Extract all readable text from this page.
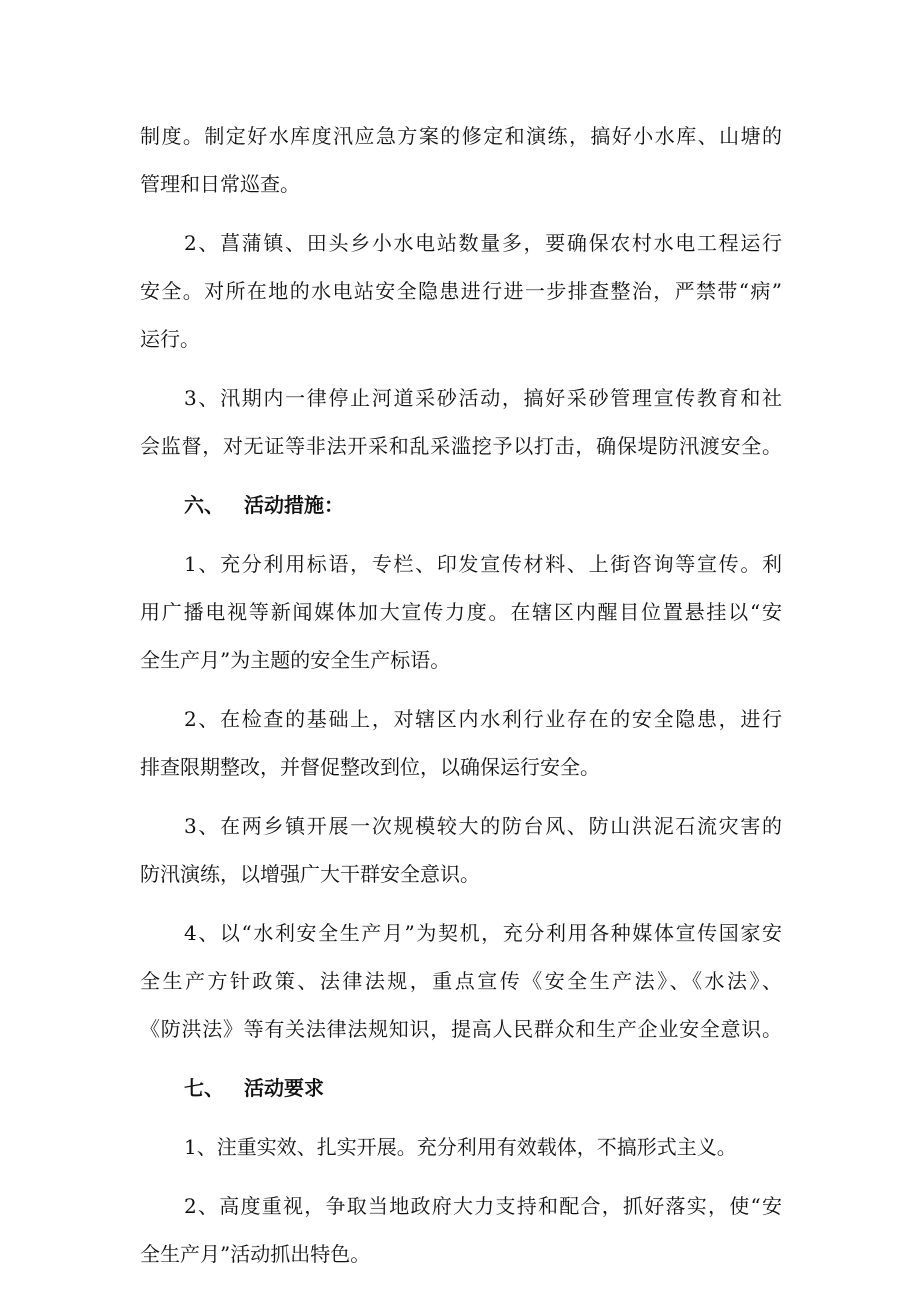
制度。制定好水库度汛应急方案的修定和演练，搞好小水库、山塘的
管理和日常巡查。
2、菖蒲镇、田头乡小水电站数量多，要确保农村水电工程运行
安全。对所在地的水电站安全隐患进行进一步排查整治，严禁带“病”
运行。
3、汛期内一律停止河道采砂活动，搞好采砂管理宣传教育和社
会监督，对无证等非法开采和乱采滥挖予以打击，确保堤防汛渡安全。
六、 活动措施：
1、充分利用标语，专栏、印发宣传材料、上街咨询等宣传。利
用广播电视等新闻媒体加大宣传力度。在辖区内醒目位置悬挂以“安
全生产月”为主题的安全生产标语。
2、在检查的基础上，对辖区内水利行业存在的安全隐患，进行
排查限期整改，并督促整改到位，以确保运行安全。
3、在两乡镇开展一次规模较大的防台风、防山洪泥石流灾害的
防汛演练，以增强广大干群安全意识。
4、以“水利安全生产月”为契机，充分利用各种媒体宣传国家安
全生产方针政策、法律法规，重点宣传《安全生产法》、《水法》、
《防洪法》等有关法律法规知识，提高人民群众和生产企业安全意识。
七、 活动要求
1、注重实效、扎实开展。充分利用有效载体，不搞形式主义。
2、高度重视，争取当地政府大力支持和配合，抓好落实，使“安
全生产月”活动抓出特色。
